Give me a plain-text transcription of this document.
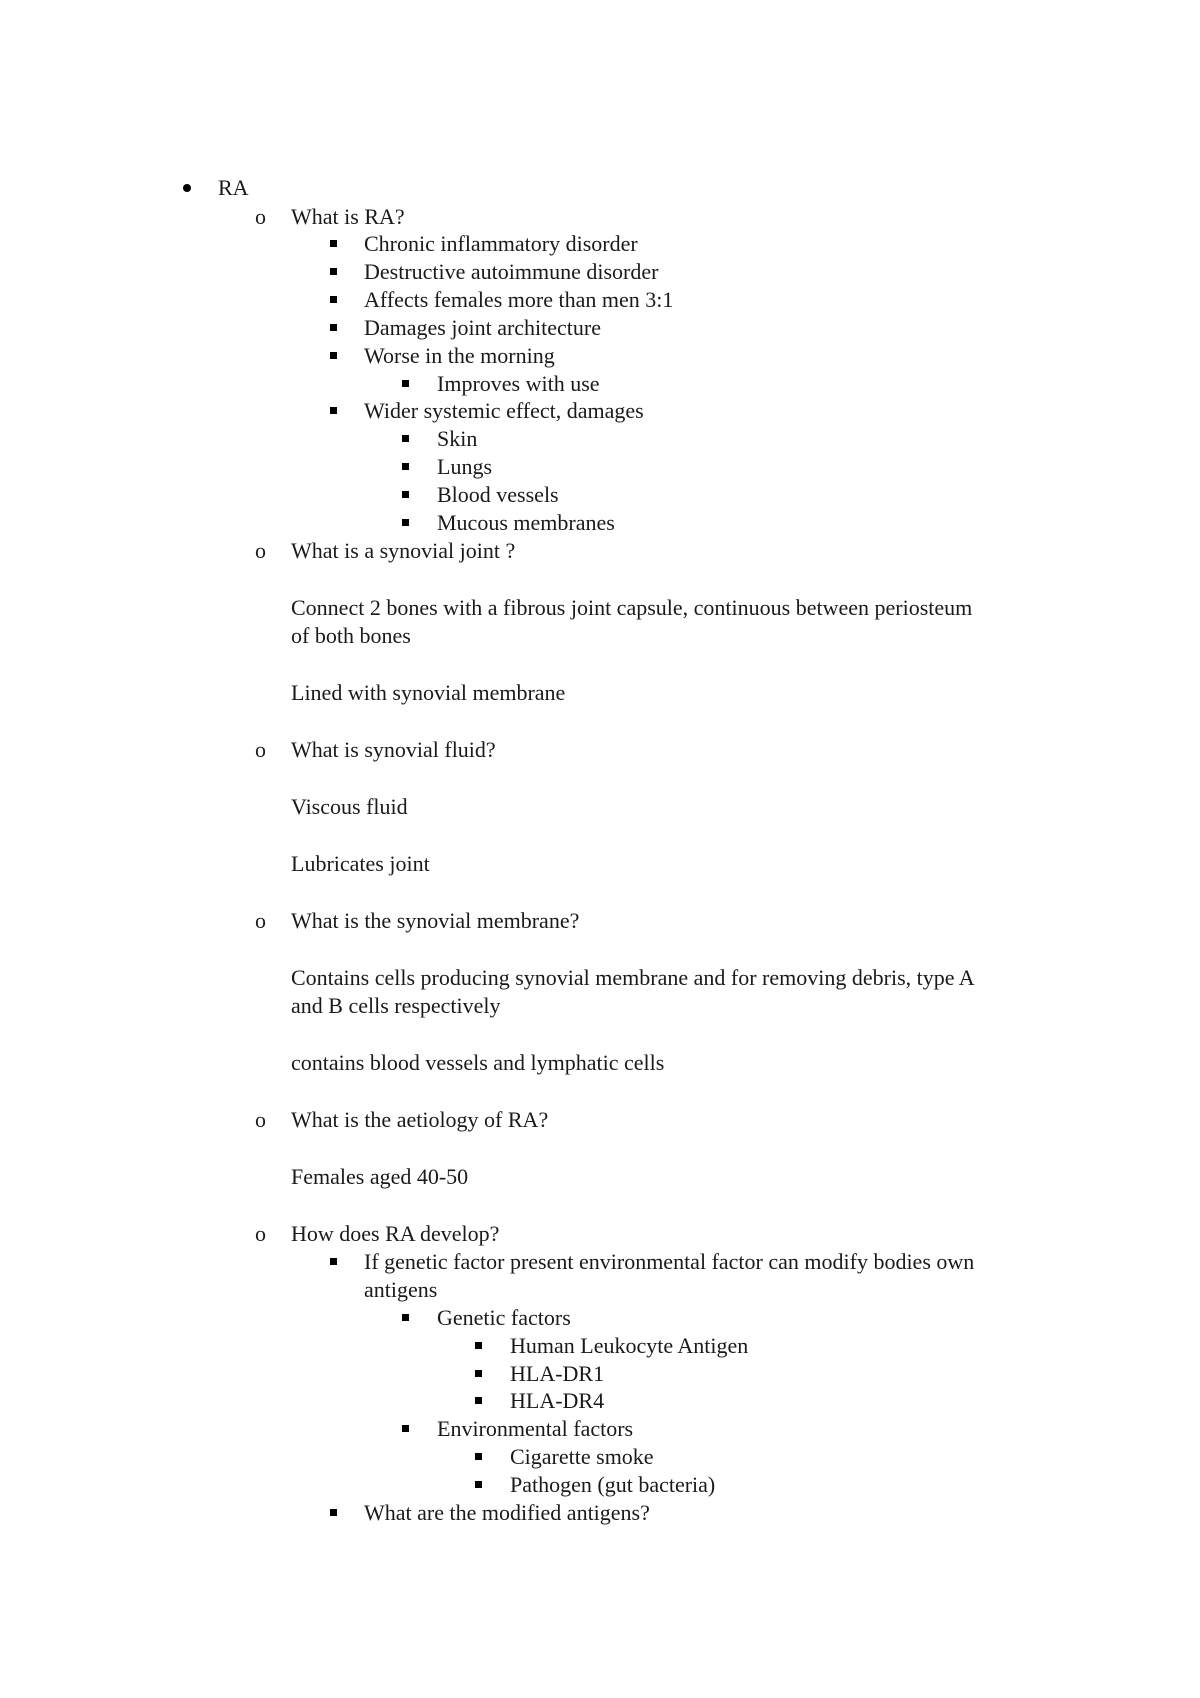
RA
o What is RA?
Chronic inflammatory disorder
Destructive autoimmune disorder
Affects females more than men 3:1
Damages joint architecture
Worse in the morning
Improves with use
Wider systemic effect, damages
Skin
Lungs
Blood vessels
Mucous membranes
o What is a synovial joint ?
Connect 2 bones with a fibrous joint capsule, continuous between periosteum
of both bones
Lined with synovial membrane
o What is synovial fluid?
Viscous fluid
Lubricates joint
o What is the synovial membrane?
Contains cells producing synovial membrane and for removing debris, type A
and B cells respectively
contains blood vessels and lymphatic cells
o What is the aetiology of RA?
Females aged 40-50
o How does RA develop?
If genetic factor present environmental factor can modify bodies own
antigens
Genetic factors
Human Leukocyte Antigen
HLA-DR1
HLA-DR4
Environmental factors
Cigarette smoke
Pathogen (gut bacteria)
What are the modified antigens?
